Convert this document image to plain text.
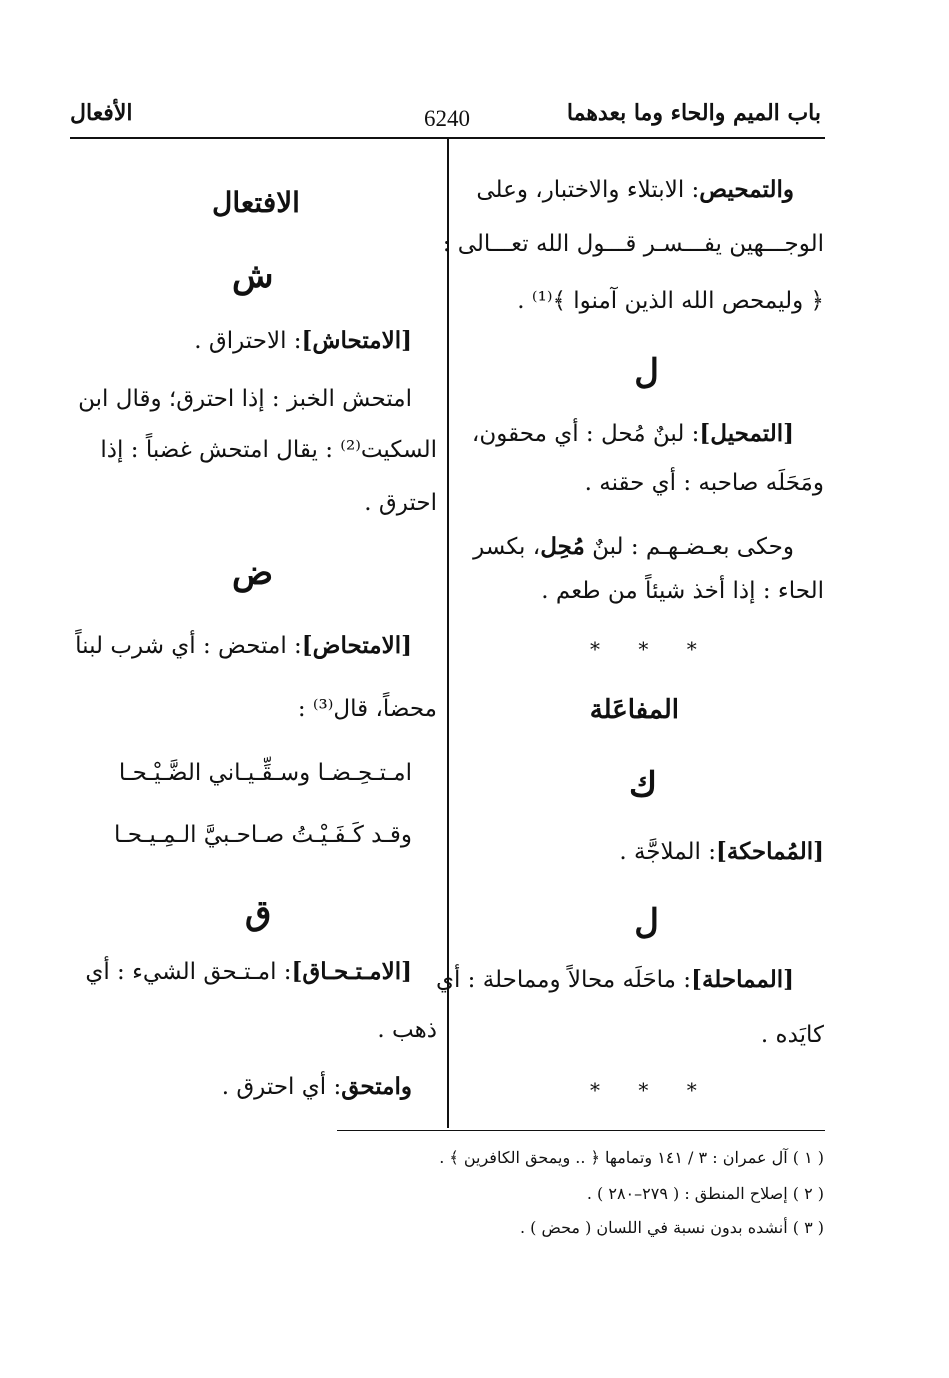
باب الميم والحاء وما بعدهما
6240
الأفعال
والتمحيص: الابتلاء والاختبار، وعلى
الوجـــهين يفـــسـر قـــول الله تعـــالى :
﴿ وليمحص الله الذين آمنوا ﴾⁽¹⁾ .
ل
[التمحيل]: لبنٌ مُحل : أي محقون،
ومَحَلَه صاحبه : أي حقنه .
وحكى بعـضـهـم : لبنٌ مُحِل، بكسر
الحاء : إذا أخذ شيئاً من طعم .
* * *
المفاعَلة
ك
[المُماحكة]: الملاجَّة .
ل
[المماحلة]: ماحَلَه محالاً ومماحلة : أي
كايَده .
* * *
الافتعال
ش
[الامتحاش]: الاحتراق .
امتحش الخبز : إذا احترق؛ وقال ابن
السكيت⁽²⁾ : يقال امتحش غضباً : إذا
احترق .
ض
[الامتحاض]: امتحض : أي شرب لبناً
محضاً، قال⁽³⁾ :
امـتـحِـضـا وسـقِّـيـاني الضَّـيْـحـا
وقـد كَـفَـيْـتُ صـاحـبيَّ الـمِـيـحـا
ق
[الامـتـحـاق]: امـتـحق الشيء : أي
ذهب .
وامتحق: أي احترق .
( ١ ) آل عمران : ٣ / ١٤١ وتمامها ﴿ .. ويمحق الكافرين ﴾ .
( ٢ ) إصلاح المنطق : ( ٢٧٩–٢٨٠ ) .
( ٣ ) أنشده بدون نسبة في اللسان ( محض ) .
